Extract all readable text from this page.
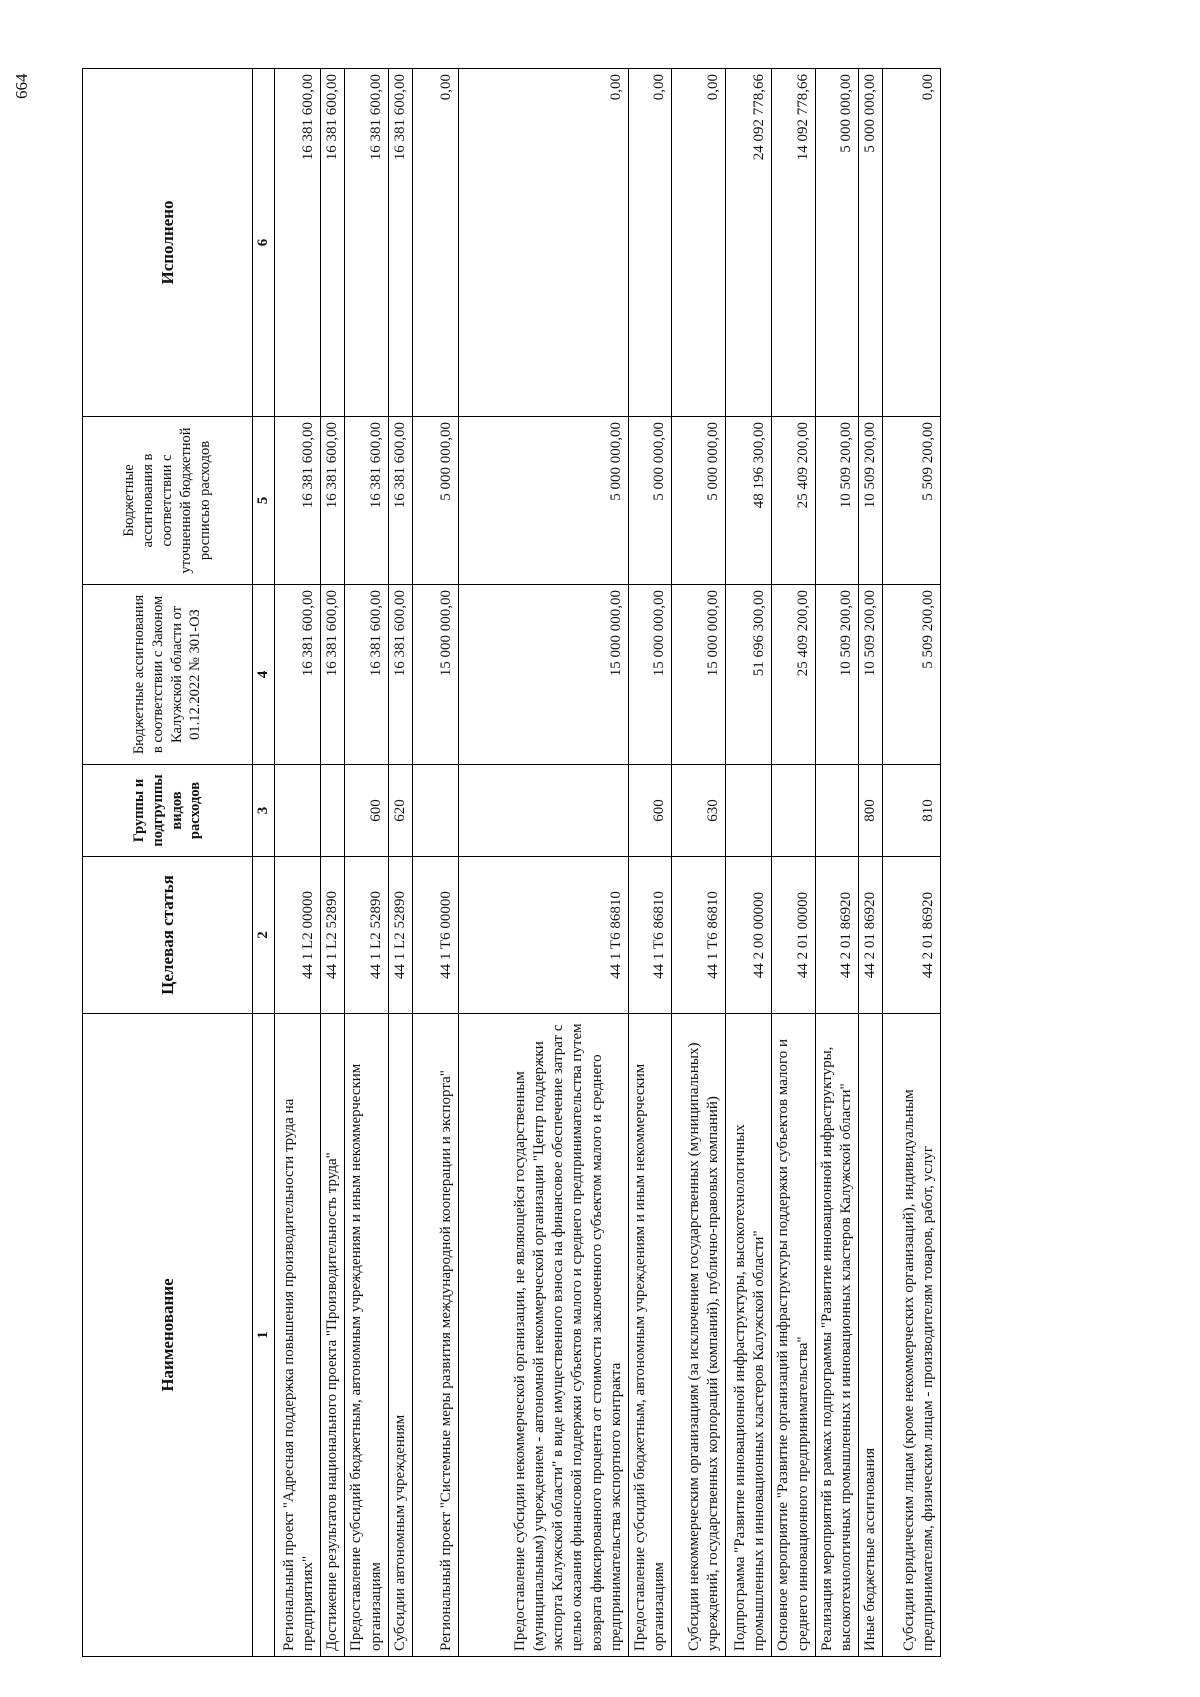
664
Наименование	Целевая статья	Группы и подгруппы видов расходов	Бюджетные ассигнования в соответствии с Законом Калужской области от 01.12.2022 № 301-ОЗ	Бюджетные ассигнования в соответствии с уточненной бюджетной росписью расходов	Исполнено
1	2	3	4	5	6
Региональный проект "Адресная поддержка повышения производительности труда на предприятиях"	44 1 L2 00000		16 381 600,00	16 381 600,00	16 381 600,00
Достижение результатов национального проекта "Производительность труда"	44 1 L2 52890		16 381 600,00	16 381 600,00	16 381 600,00
Предоставление субсидий бюджетным, автономным учреждениям и иным некоммерческим организациям	44 1 L2 52890	600	16 381 600,00	16 381 600,00	16 381 600,00
Субсидии автономным учреждениям	44 1 L2 52890	620	16 381 600,00	16 381 600,00	16 381 600,00
Региональный проект "Системные меры развития международной кооперации и экспорта"	44 1 T6 00000		15 000 000,00	5 000 000,00	0,00
Предоставление субсидии некоммерческой организации, не являющейся государственным (муниципальным) учреждением - автономной некоммерческой организации "Центр поддержки экспорта Калужской области" в виде имущественного взноса на финансовое обеспечение затрат с целью оказания финансовой поддержки субъектов малого и среднего предпринимательства путем возврата фиксированного процента от стоимости заключенного субъектом малого и среднего предпринимательства экспортного контракта	44 1 T6 86810		15 000 000,00	5 000 000,00	0,00
Предоставление субсидий бюджетным, автономным учреждениям и иным некоммерческим организациям	44 1 T6 86810	600	15 000 000,00	5 000 000,00	0,00
Субсидии некоммерческим организациям (за исключением государственных (муниципальных) учреждений, государственных корпораций (компаний), публично-правовых компаний)	44 1 T6 86810	630	15 000 000,00	5 000 000,00	0,00
Подпрограмма "Развитие инновационной инфраструктуры, высокотехнологичных промышленных и инновационных кластеров Калужской области"	44 2 00 00000		51 696 300,00	48 196 300,00	24 092 778,66
Основное мероприятие "Развитие организаций инфраструктуры поддержки субъектов малого и среднего инновационного предпринимательства"	44 2 01 00000		25 409 200,00	25 409 200,00	14 092 778,66
Реализация мероприятий в рамках подпрограммы "Развитие инновационной инфраструктуры, высокотехнологичных промышленных и инновационных кластеров Калужской области"	44 2 01 86920		10 509 200,00	10 509 200,00	5 000 000,00
Иные бюджетные ассигнования	44 2 01 86920	800	10 509 200,00	10 509 200,00	5 000 000,00
Субсидии юридическим лицам (кроме некоммерческих организаций), индивидуальным предпринимателям, физическим лицам - производителям товаров, работ, услуг	44 2 01 86920	810	5 509 200,00	5 509 200,00	0,00
